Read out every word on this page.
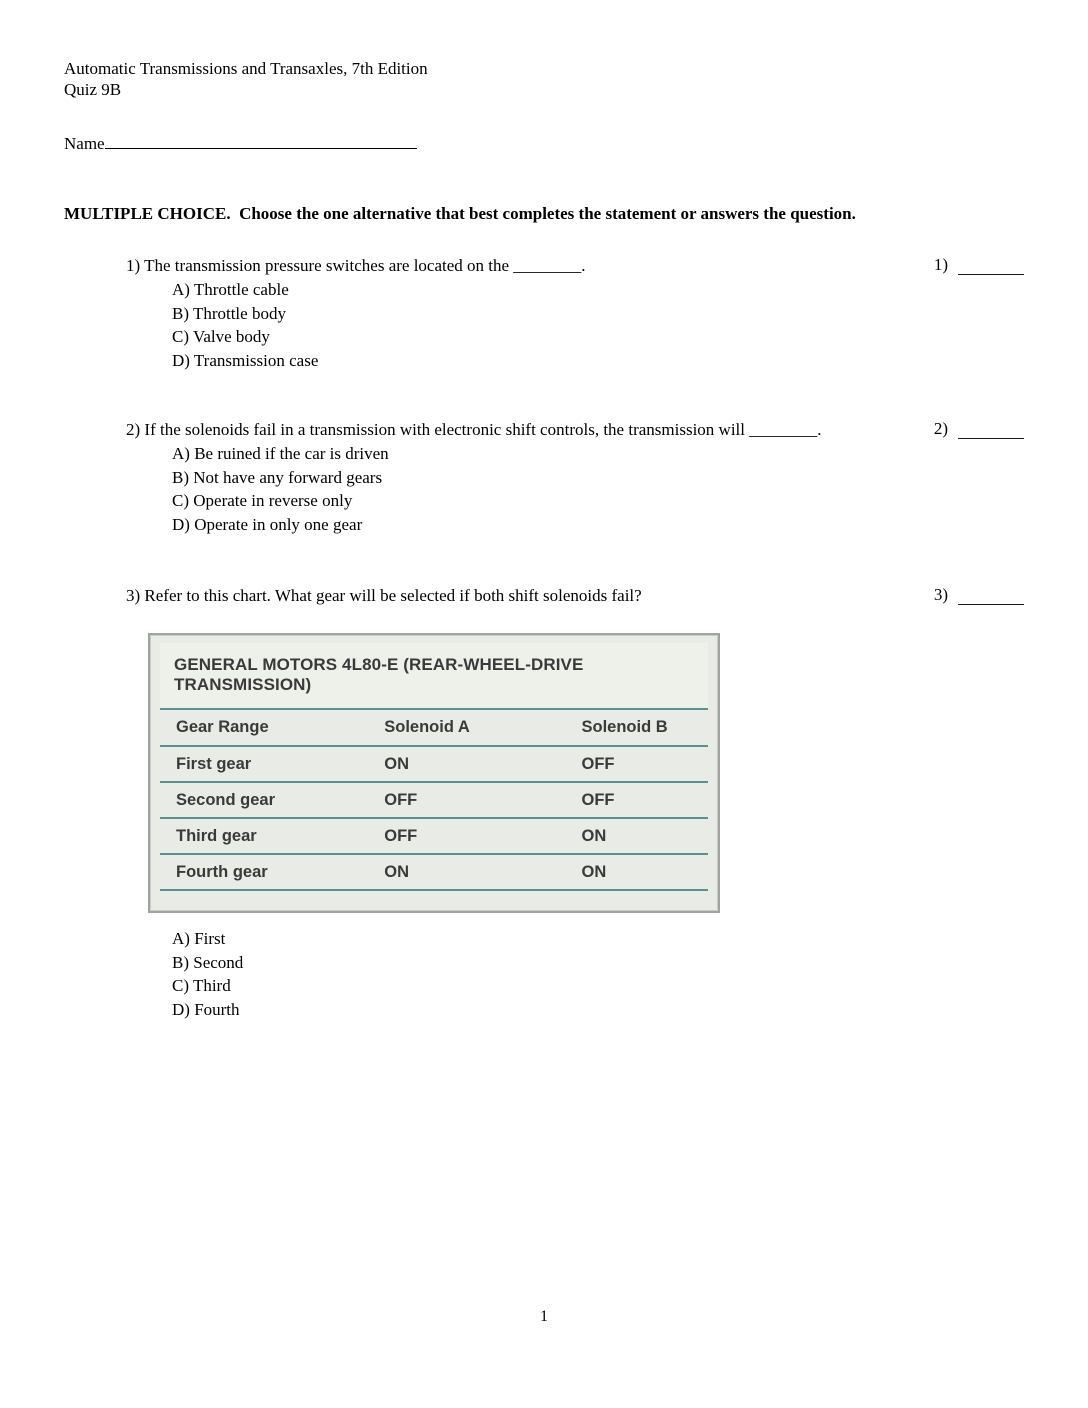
Automatic Transmissions and Transaxles, 7th Edition
Quiz 9B
Name
MULTIPLE CHOICE.  Choose the one alternative that best completes the statement or answers the question.
1) The transmission pressure switches are located on the ________.	1)
A) Throttle cable
B) Throttle body
C) Valve body
D) Transmission case
2) If the solenoids fail in a transmission with electronic shift controls, the transmission will ________.	2)
A) Be ruined if the car is driven
B) Not have any forward gears
C) Operate in reverse only
D) Operate in only one gear
3) Refer to this chart. What gear will be selected if both shift solenoids fail?	3)
GENERAL MOTORS 4L80-E (REAR-WHEEL-DRIVE TRANSMISSION)
Gear Range	Solenoid A	Solenoid B
First gear	ON	OFF
Second gear	OFF	OFF
Third gear	OFF	ON
Fourth gear	ON	ON
A) First
B) Second
C) Third
D) Fourth
1
